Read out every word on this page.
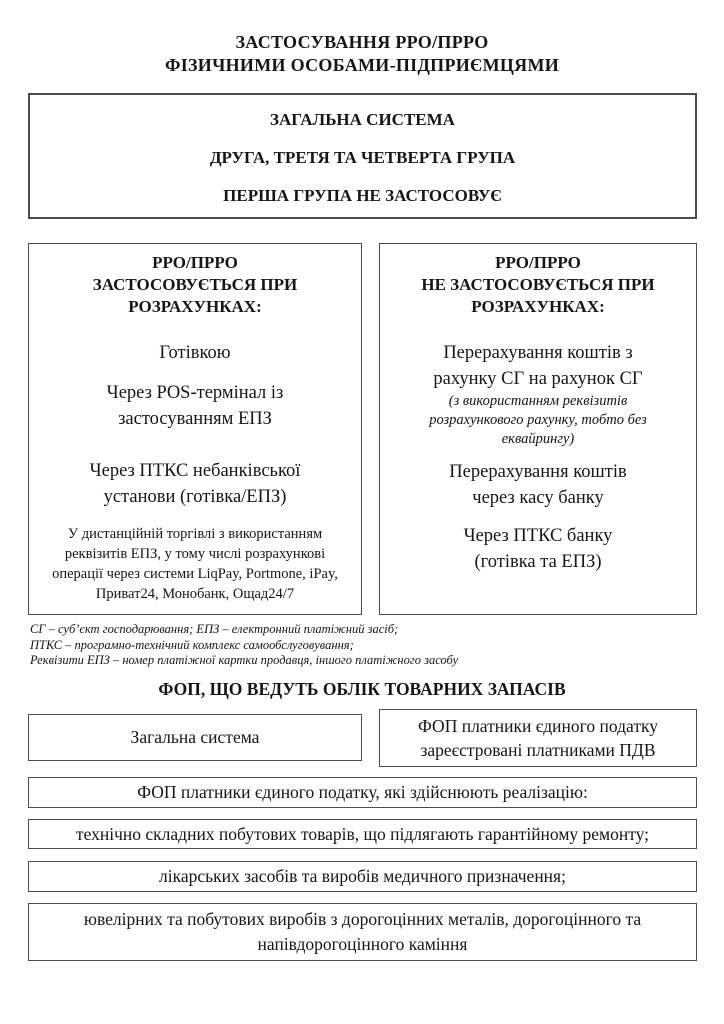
ЗАСТОСУВАННЯ РРО/ПРРО
ФІЗИЧНИМИ ОСОБАМИ-ПІДПРИЄМЦЯМИ
ЗАГАЛЬНА СИСТЕМА
ДРУГА, ТРЕТЯ ТА ЧЕТВЕРТА ГРУПА
ПЕРША ГРУПА НЕ ЗАСТОСОВУЄ
РРО/ПРРО
ЗАСТОСОВУЄТЬСЯ ПРИ
РОЗРАХУНКАХ:
Готівкою
Через POS-термінал із
застосуванням ЕПЗ
Через ПТКС небанківської
установи (готівка/ЕПЗ)
У дистанційній торгівлі з використанням реквізитів ЕПЗ, у тому числі розрахункові операції через системи LiqPay, Portmone, iPay, Приват24, Монобанк, Ощад24/7
РРО/ПРРО
НЕ ЗАСТОСОВУЄТЬСЯ ПРИ
РОЗРАХУНКАХ:
Перерахування коштів з
рахунку СГ на рахунок СГ
(з використанням реквізитів розрахункового рахунку, тобто без еквайрингу)
Перерахування коштів
через касу банку
Через ПТКС банку
(готівка та ЕПЗ)
СГ – суб’єкт господарювання; ЕПЗ – електронний платіжний засіб;
ПТКС – програмно-технічний комплекс самообслуговування;
Реквізити ЕПЗ – номер платіжної картки продавця, іншого платіжного засобу
ФОП, ЩО ВЕДУТЬ ОБЛІК ТОВАРНИХ ЗАПАСІВ
Загальна система
ФОП платники єдиного податку
зареєстровані платниками ПДВ
ФОП платники єдиного податку, які здійснюють реалізацію:
технічно складних побутових товарів, що підлягають гарантійному ремонту;
лікарських засобів та виробів медичного призначення;
ювелірних та побутових виробів з дорогоцінних металів, дорогоцінного та напівдорогоцінного каміння
